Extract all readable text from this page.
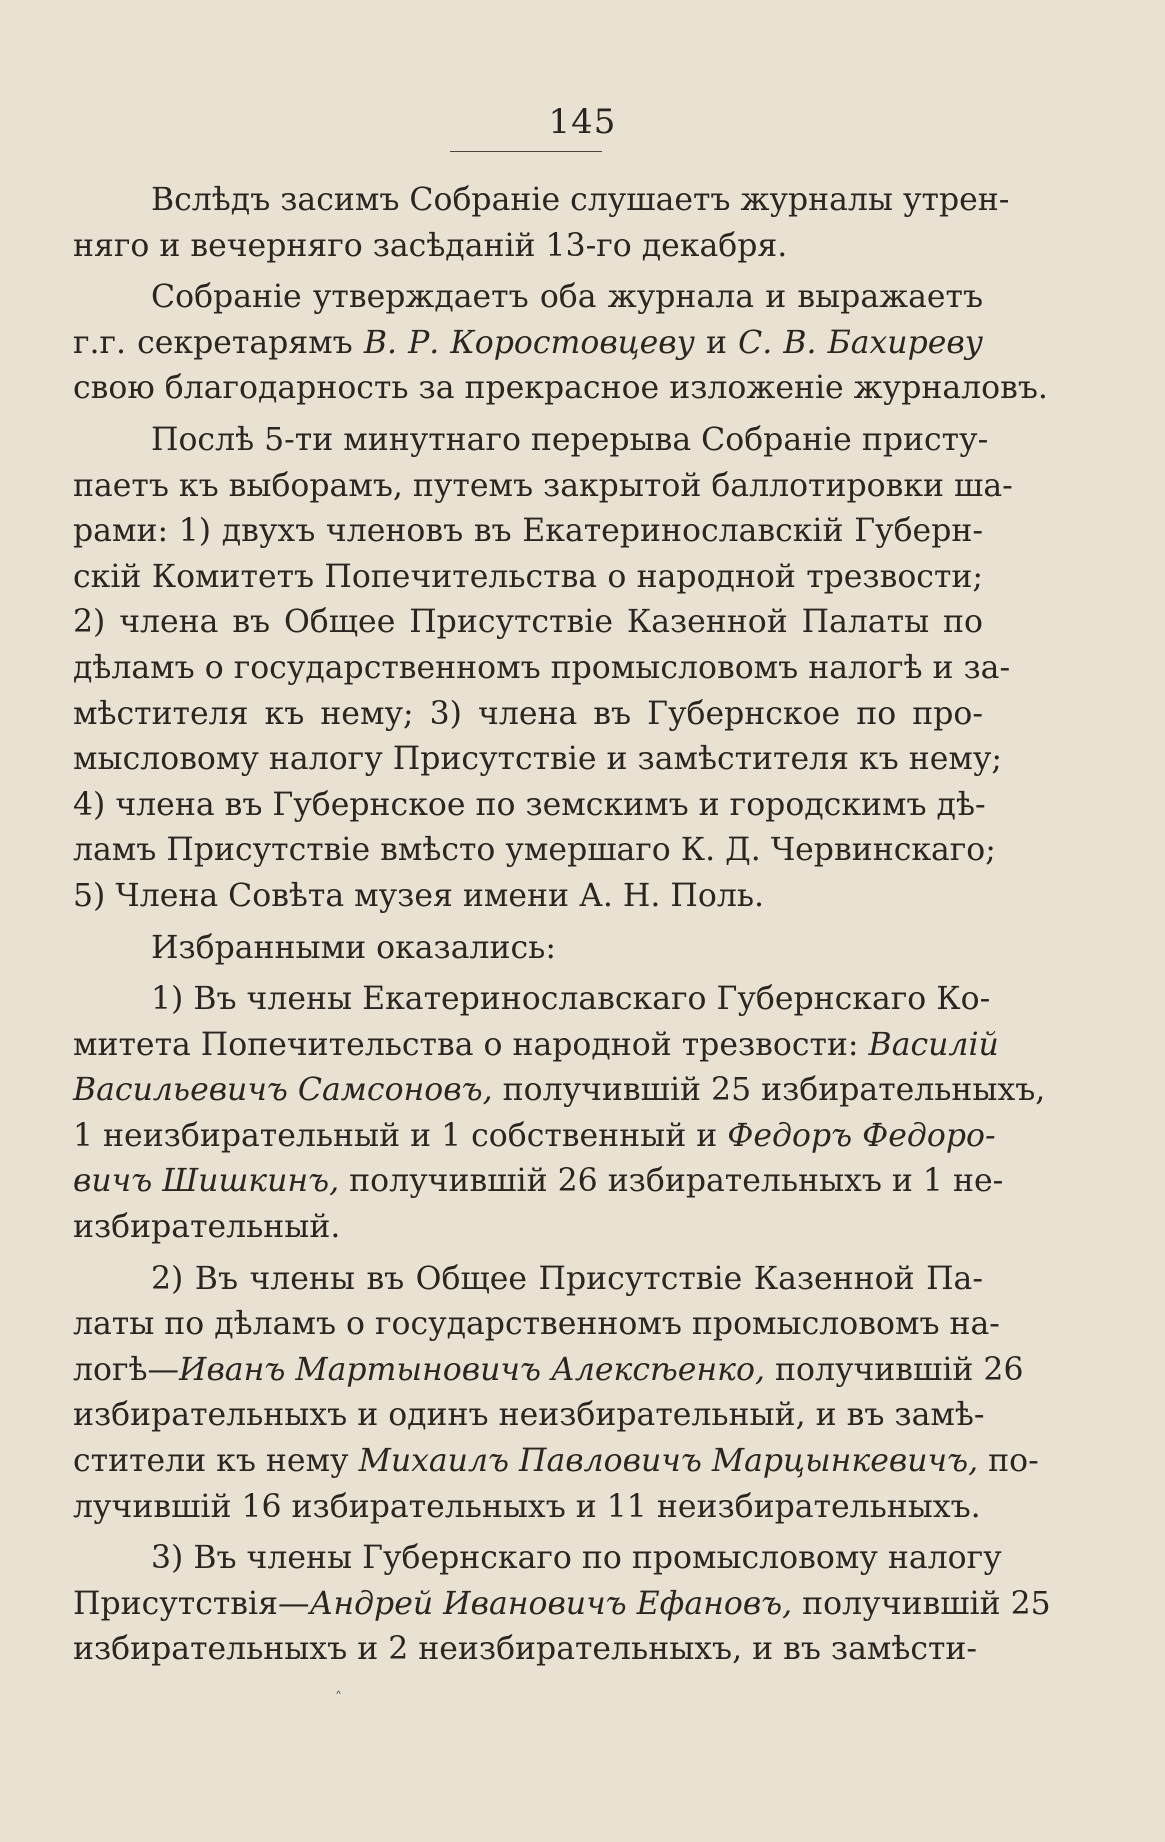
145
Вслѣдъ засимъ Собраніе слушаетъ журналы утрен-
няго и вечерняго засѣданій 13-го декабря.
Собраніе утверждаетъ оба журнала и выражаетъ
г.г. секретарямъ В. Р. Коростовцеву и С. В. Бахиреву
свою благодарность за прекрасное изложеніе журналовъ.
Послѣ 5-ти минутнаго перерыва Собраніе присту-
паетъ къ выборамъ, путемъ закрытой баллотировки ша-
рами: 1) двухъ членовъ въ Екатеринославскій Губерн-
скій Комитетъ Попечительства о народной трезвости;
2) члена въ Общее Присутствіе Казенной Палаты по
дѣламъ о государственномъ промысловомъ налогѣ и за-
мѣстителя къ нему; 3) члена въ Губернское по про-
мысловому налогу Присутствіе и замѣстителя къ нему;
4) члена въ Губернское по земскимъ и городскимъ дѣ-
ламъ Присутствіе вмѣсто умершаго К. Д. Червинскаго;
5) Члена Совѣта музея имени А. Н. Поль.
Избранными оказались:
1) Въ члены Екатеринославскаго Губернскаго Ко-
митета Попечительства о народной трезвости: Василій
Васильевичъ Самсоновъ, получившій 25 избирательныхъ,
1 неизбирательный и 1 собственный и Федоръ Федоро-
вичъ Шишкинъ, получившій 26 избирательныхъ и 1 не-
избирательный.
2) Въ члены въ Общее Присутствіе Казенной Па-
латы по дѣламъ о государственномъ промысловомъ на-
логѣ—Иванъ Мартыновичъ Алексѣенко, получившій 26
избирательныхъ и одинъ неизбирательный, и въ замѣ-
стители къ нему Михаилъ Павловичъ Марцынкевичъ, по-
лучившій 16 избирательныхъ и 11 неизбирательныхъ.
3) Въ члены Губернскаго по промысловому налогу
Присутствія—Андрей Ивановичъ Ефановъ, получившій 25
избирательныхъ и 2 неизбирательныхъ, и въ замѣсти-
˄
